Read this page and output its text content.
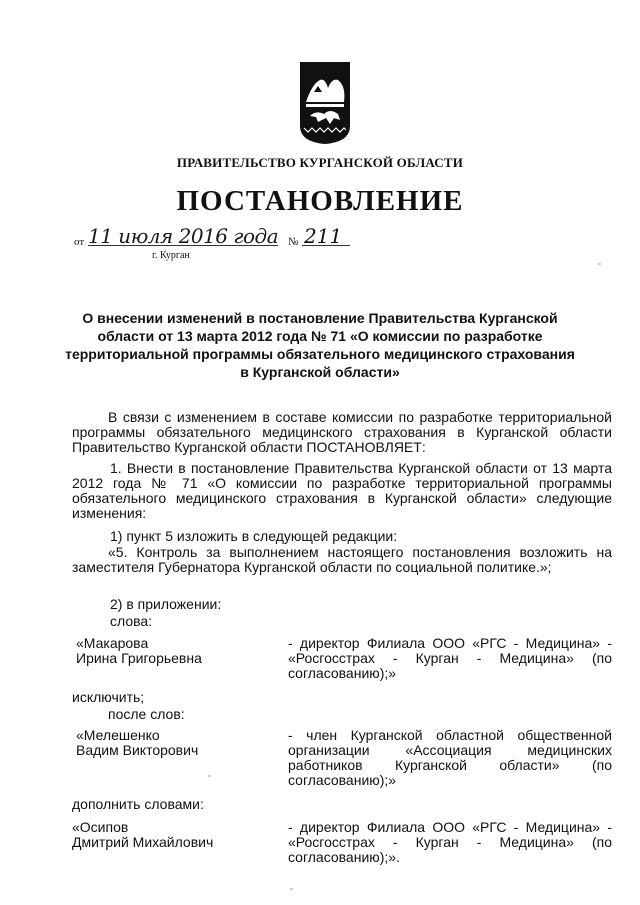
ПРАВИТЕЛЬСТВО КУРГАНСКОЙ ОБЛАСТИ
ПОСТАНОВЛЕНИЕ
от 11 июля 2016 года № 211
г. Курган
О внесении изменений в постановление Правительства Курганской области от 13 марта 2012 года № 71 «О комиссии по разработке территориальной программы обязательного медицинского страхования в Курганской области»
В связи с изменением в составе комиссии по разработке территориальной программы обязательного медицинского страхования в Курганской области Правительство Курганской области ПОСТАНОВЛЯЕТ:
1. Внести в постановление Правительства Курганской области от 13 марта 2012 года № 71 «О комиссии по разработке территориальной программы обязательного медицинского страхования в Курганской области» следующие изменения:
1) пункт 5 изложить в следующей редакции:
«5. Контроль за выполнением настоящего постановления возложить на заместителя Губернатора Курганской области по социальной политике.»;
2) в приложении:
слова:
«Макарова
Ирина Григорьевна
- директор Филиала ООО «РГС - Медицина» - «Росгосстрах - Курган - Медицина» (по согласованию);»
исключить;
после слов:
«Мелешенко
Вадим Викторович
- член Курганской областной общественной организации «Ассоциация медицинских работников Курганской области» (по согласованию);»
дополнить словами:
«Осипов
Дмитрий Михайлович
- директор Филиала ООО «РГС - Медицина» - «Росгосстрах - Курган - Медицина» (по согласованию);».
